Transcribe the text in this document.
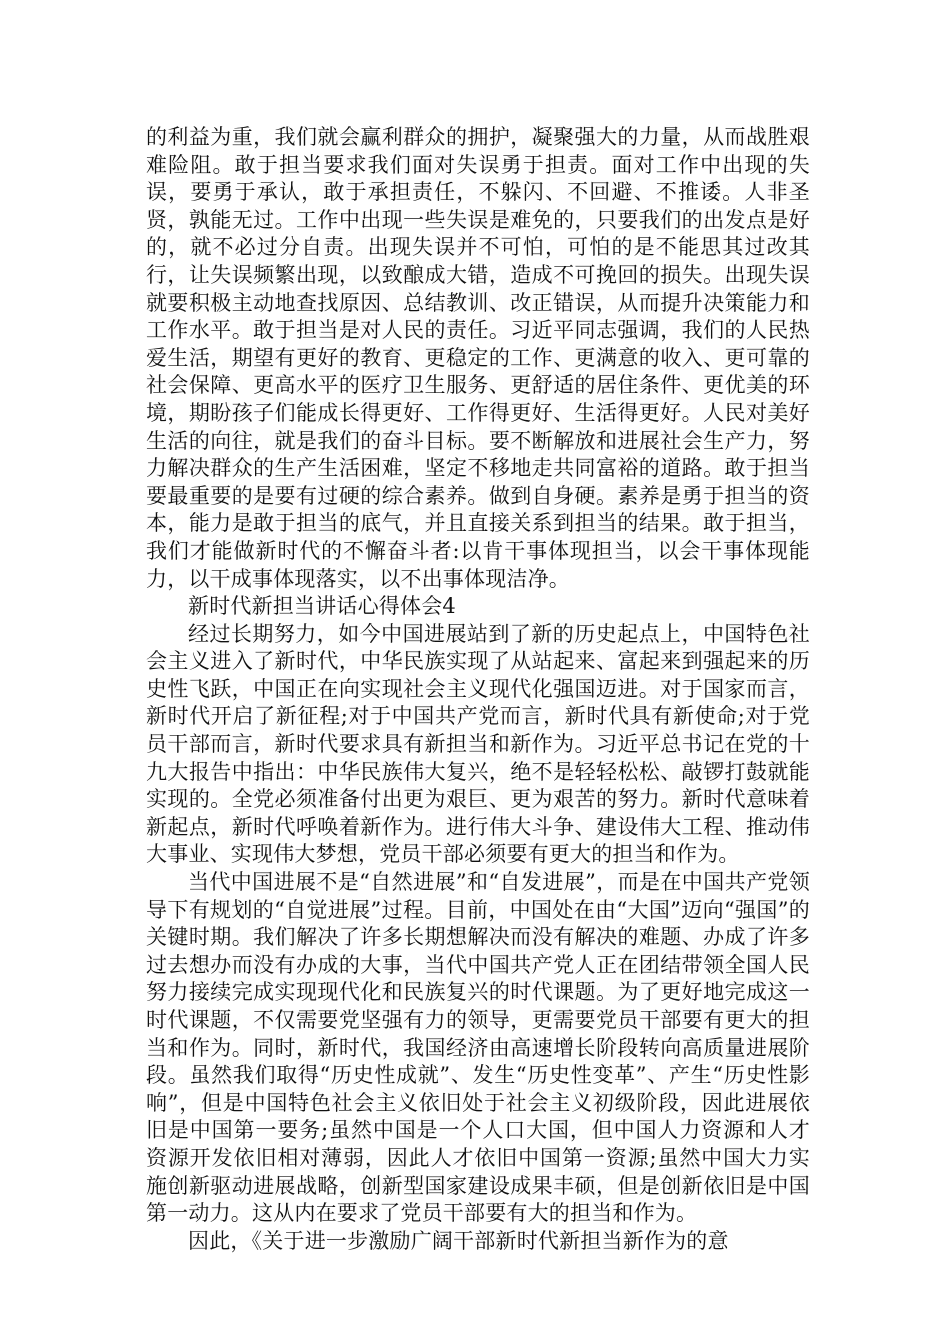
的利益为重，我们就会赢利群众的拥护，凝聚强大的力量，从而战胜艰难险阻。敢于担当要求我们面对失误勇于担责。面对工作中出现的失误，要勇于承认，敢于承担责任，不躲闪、不回避、不推诿。人非圣贤，孰能无过。工作中出现一些失误是难免的，只要我们的出发点是好的，就不必过分自责。出现失误并不可怕，可怕的是不能思其过改其行，让失误频繁出现，以致酿成大错，造成不可挽回的损失。出现失误就要积极主动地查找原因、总结教训、改正错误，从而提升决策能力和工作水平。敢于担当是对人民的责任。习近平同志强调，我们的人民热爱生活，期望有更好的教育、更稳定的工作、更满意的收入、更可靠的社会保障、更高水平的医疗卫生服务、更舒适的居住条件、更优美的环境，期盼孩子们能成长得更好、工作得更好、生活得更好。人民对美好生活的向往，就是我们的奋斗目标。要不断解放和进展社会生产力，努力解决群众的生产生活困难，坚定不移地走共同富裕的道路。敢于担当要最重要的是要有过硬的综合素养。做到自身硬。素养是勇于担当的资本，能力是敢于担当的底气，并且直接关系到担当的结果。敢于担当，我们才能做新时代的不懈奋斗者:以肯干事体现担当，以会干事体现能力，以干成事体现落实，以不出事体现洁净。

新时代新担当讲话心得体会4

经过长期努力，如今中国进展站到了新的历史起点上，中国特色社会主义进入了新时代，中华民族实现了从站起来、富起来到强起来的历史性飞跃，中国正在向实现社会主义现代化强国迈进。对于国家而言，新时代开启了新征程;对于中国共产党而言，新时代具有新使命;对于党员干部而言，新时代要求具有新担当和新作为。习近平总书记在党的十九大报告中指出：中华民族伟大复兴，绝不是轻轻松松、敲锣打鼓就能实现的。全党必须准备付出更为艰巨、更为艰苦的努力。新时代意味着新起点，新时代呼唤着新作为。进行伟大斗争、建设伟大工程、推动伟大事业、实现伟大梦想，党员干部必须要有更大的担当和作为。

当代中国进展不是“自然进展”和“自发进展”，而是在中国共产党领导下有规划的“自觉进展”过程。目前，中国处在由“大国”迈向“强国”的关键时期。我们解决了许多长期想解决而没有解决的难题、办成了许多过去想办而没有办成的大事，当代中国共产党人正在团结带领全国人民努力接续完成实现现代化和民族复兴的时代课题。为了更好地完成这一时代课题，不仅需要党坚强有力的领导，更需要党员干部要有更大的担当和作为。同时，新时代，我国经济由高速增长阶段转向高质量进展阶段。虽然我们取得“历史性成就”、发生“历史性变革”、产生“历史性影响”，但是中国特色社会主义依旧处于社会主义初级阶段，因此进展依旧是中国第一要务;虽然中国是一个人口大国，但中国人力资源和人才资源开发依旧相对薄弱，因此人才依旧中国第一资源;虽然中国大力实施创新驱动进展战略，创新型国家建设成果丰硕，但是创新依旧是中国第一动力。这从内在要求了党员干部要有大的担当和作为。

因此，《关于进一步激励广阔干部新时代新担当新作为的意
